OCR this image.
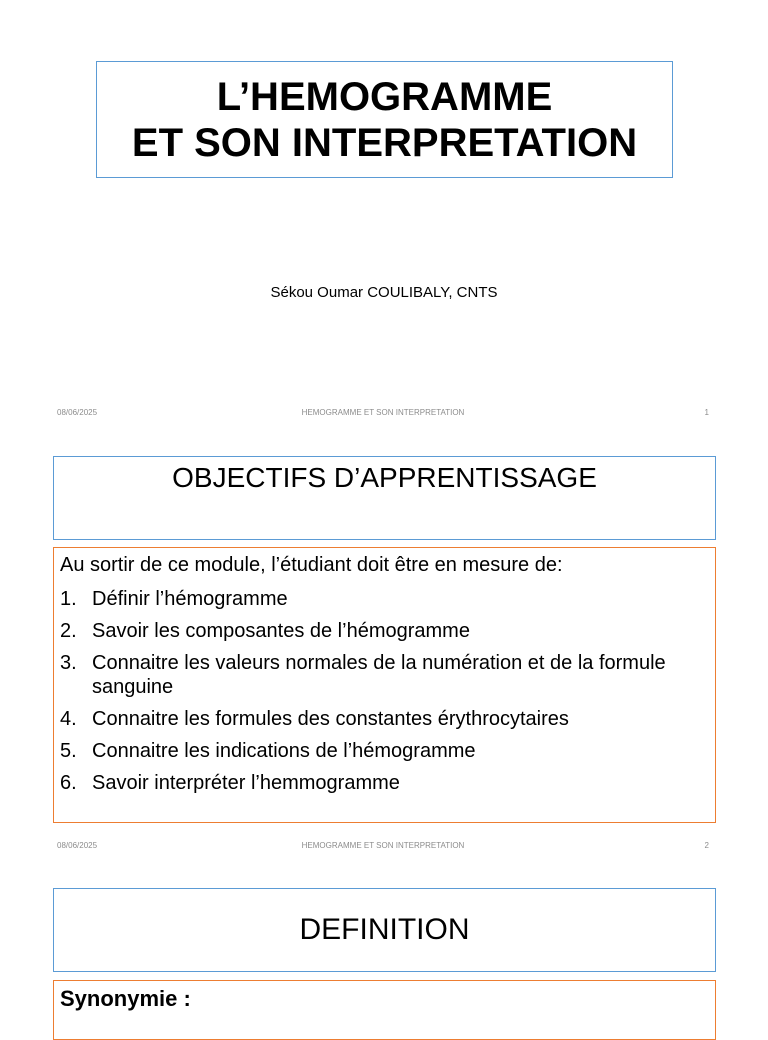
L’HEMOGRAMME
ET SON INTERPRETATION
Sékou Oumar COULIBALY, CNTS
08/06/2025	HEMOGRAMME ET SON INTERPRETATION	1
OBJECTIFS D’APPRENTISSAGE
Au sortir de ce module, l’étudiant doit être en mesure de:
1. Définir l’hémogramme
2. Savoir les composantes de l’hémogramme
3. Connaitre les valeurs normales de la numération et de la formule sanguine
4. Connaitre les formules des constantes érythrocytaires
5. Connaitre les indications de l’hémogramme
6. Savoir interpréter l’hemmogramme
08/06/2025	HEMOGRAMME ET SON INTERPRETATION	2
DEFINITION
Synonymie :
